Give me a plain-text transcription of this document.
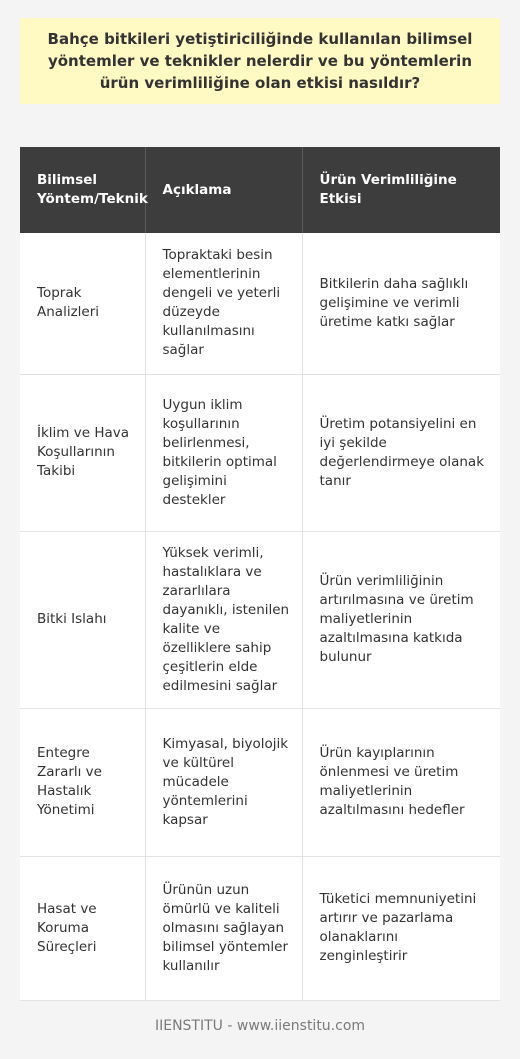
Bahçe bitkileri yetiştiriciliğinde kullanılan bilimsel yöntemler ve teknikler nelerdir ve bu yöntemlerin ürün verimliliğine olan etkisi nasıldır?
Bilimsel Yöntem/Teknik	Açıklama	Ürün Verimliliğine Etkisi
Toprak Analizleri	Topraktaki besin elementlerinin dengeli ve yeterli düzeyde kullanılmasını sağlar	Bitkilerin daha sağlıklı gelişimine ve verimli üretime katkı sağlar
İklim ve Hava Koşullarının Takibi	Uygun iklim koşullarının belirlenmesi, bitkilerin optimal gelişimini destekler	Üretim potansiyelini en iyi şekilde değerlendirmeye olanak tanır
Bitki Islahı	Yüksek verimli, hastalıklara ve zararlılara dayanıklı, istenilen kalite ve özelliklere sahip çeşitlerin elde edilmesini sağlar	Ürün verimliliğinin artırılmasına ve üretim maliyetlerinin azaltılmasına katkıda bulunur
Entegre Zararlı ve Hastalık Yönetimi	Kimyasal, biyolojik ve kültürel mücadele yöntemlerini kapsar	Ürün kayıplarının önlenmesi ve üretim maliyetlerinin azaltılmasını hedefler
Hasat ve Koruma Süreçleri	Ürünün uzun ömürlü ve kaliteli olmasını sağlayan bilimsel yöntemler kullanılır	Tüketici memnuniyetini artırır ve pazarlama olanaklarını zenginleştirir
IIENSTITU - www.iienstitu.com
